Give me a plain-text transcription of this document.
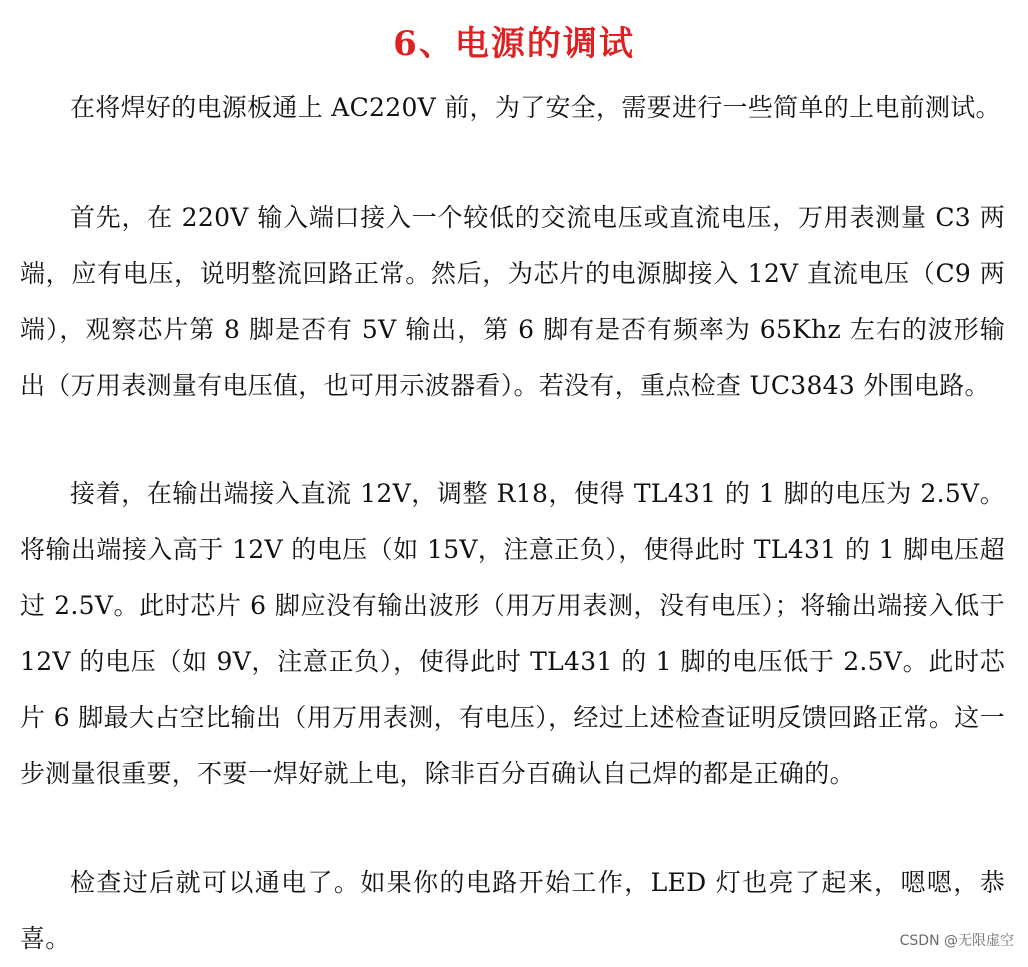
6、电源的调试

在将焊好的电源板通上 AC220V 前，为了安全，需要进行一些简单的上电前测试。

首先，在 220V 输入端口接入一个较低的交流电压或直流电压，万用表测量 C3 两端，应有电压，说明整流回路正常。然后，为芯片的电源脚接入 12V 直流电压（C9 两端），观察芯片第 8 脚是否有 5V 输出，第 6 脚有是否有频率为 65Khz 左右的波形输出（万用表测量有电压值，也可用示波器看）。若没有，重点检查 UC3843 外围电路。

接着，在输出端接入直流 12V，调整 R18，使得 TL431 的 1 脚的电压为 2.5V。将输出端接入高于 12V 的电压（如 15V，注意正负），使得此时 TL431 的 1 脚电压超过 2.5V。此时芯片 6 脚应没有输出波形（用万用表测，没有电压）；将输出端接入低于 12V 的电压（如 9V，注意正负），使得此时 TL431 的 1 脚的电压低于 2.5V。此时芯片 6 脚最大占空比输出（用万用表测，有电压），经过上述检查证明反馈回路正常。这一步测量很重要，不要一焊好就上电，除非百分百确认自己焊的都是正确的。

检查过后就可以通电了。如果你的电路开始工作，LED 灯也亮了起来，嗯嗯，恭喜。	CSDN @无限虚空
